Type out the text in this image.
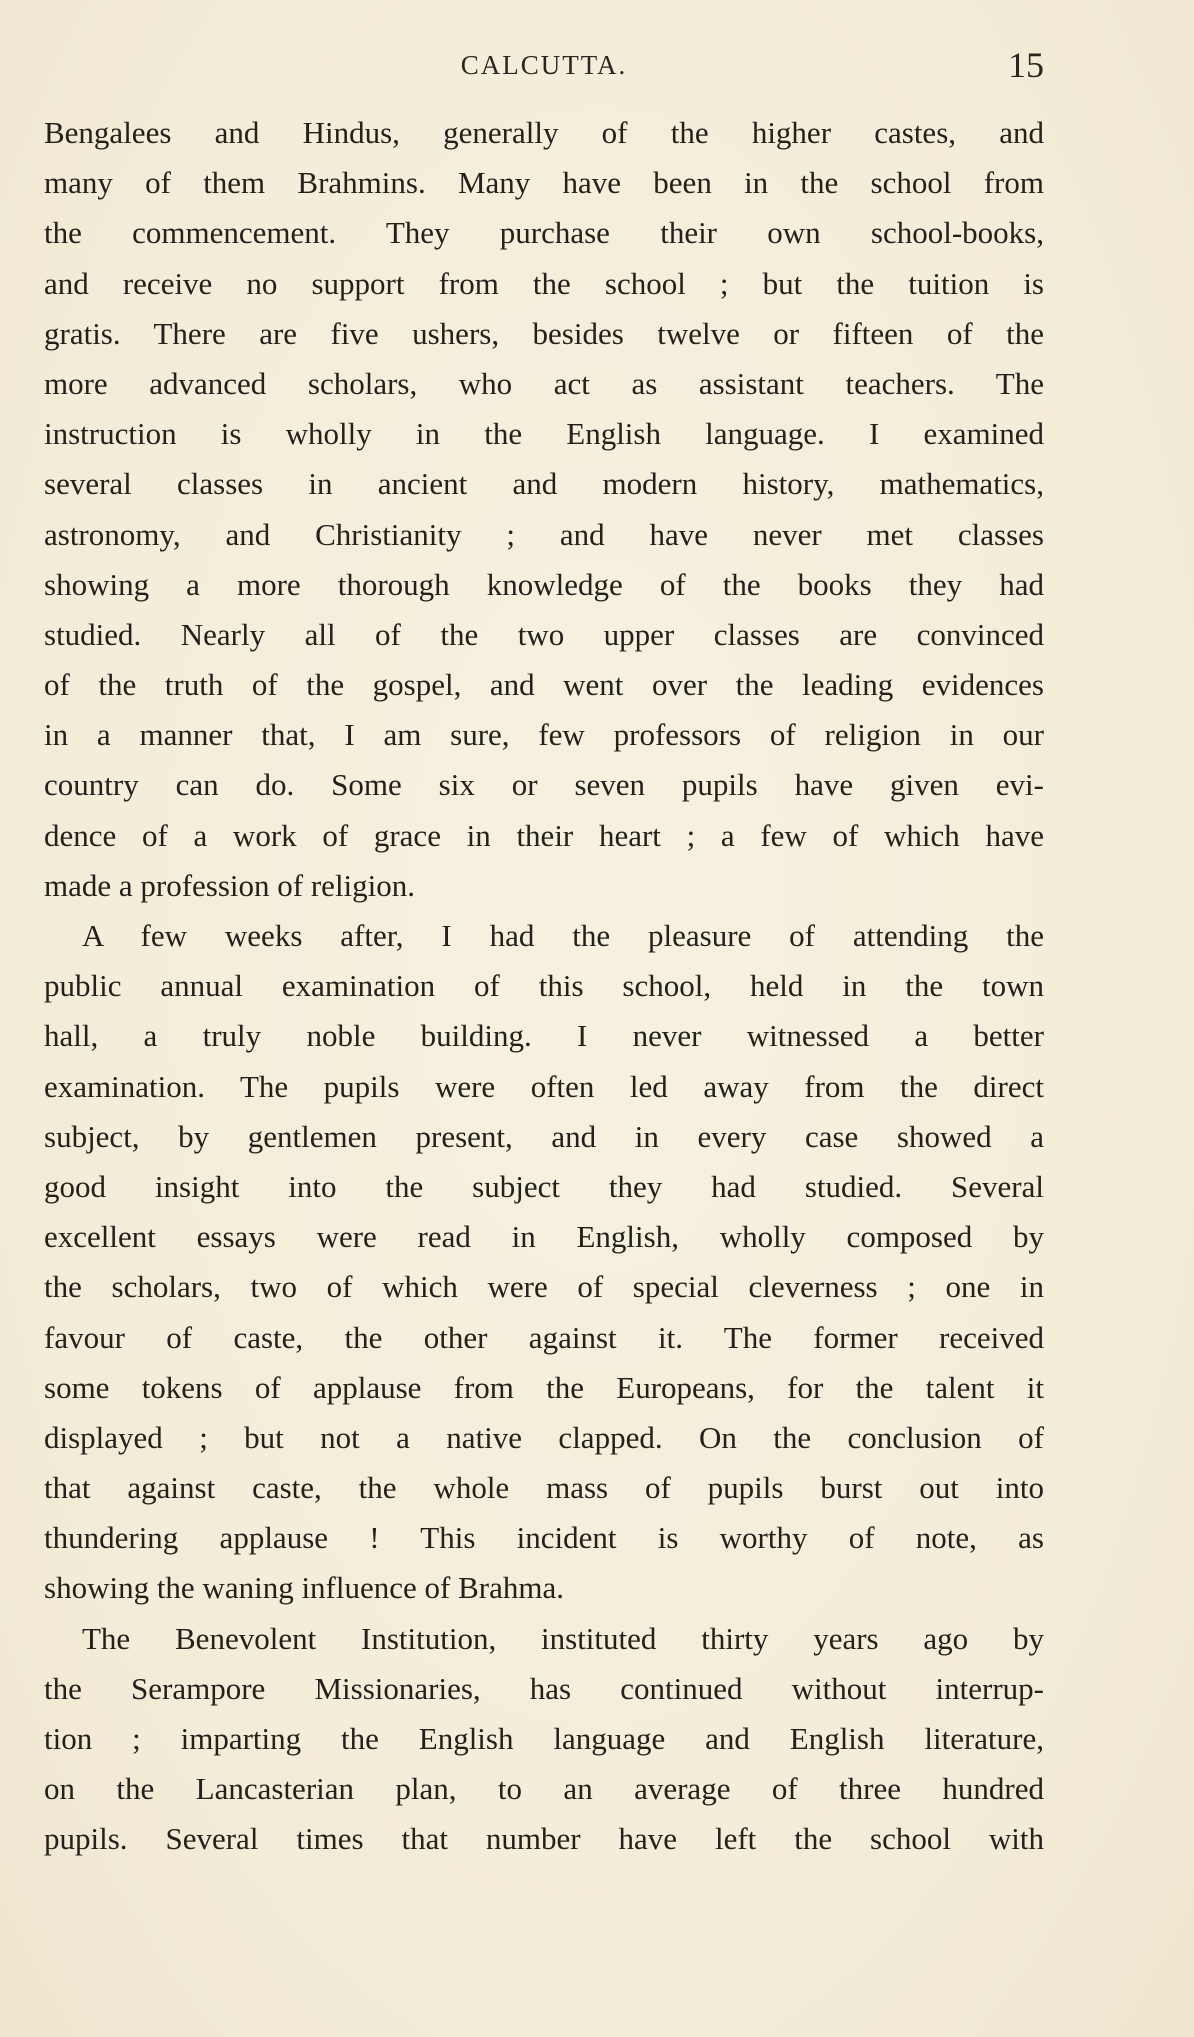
CALCUTTA.	15
Bengalees and Hindus, generally of the higher castes, and
many of them Brahmins. Many have been in the school from
the commencement. They purchase their own school-books,
and receive no support from the school ; but the tuition is
gratis. There are five ushers, besides twelve or fifteen of the
more advanced scholars, who act as assistant teachers. The
instruction is wholly in the English language. I examined
several classes in ancient and modern history, mathematics,
astronomy, and Christianity ; and have never met classes
showing a more thorough knowledge of the books they had
studied. Nearly all of the two upper classes are convinced
of the truth of the gospel, and went over the leading evidences
in a manner that, I am sure, few professors of religion in our
country can do. Some six or seven pupils have given evi-
dence of a work of grace in their heart ; a few of which have
made a profession of religion.
A few weeks after, I had the pleasure of attending the
public annual examination of this school, held in the town
hall, a truly noble building. I never witnessed a better
examination. The pupils were often led away from the direct
subject, by gentlemen present, and in every case showed a
good insight into the subject they had studied. Several
excellent essays were read in English, wholly composed by
the scholars, two of which were of special cleverness ; one in
favour of caste, the other against it. The former received
some tokens of applause from the Europeans, for the talent it
displayed ; but not a native clapped. On the conclusion of
that against caste, the whole mass of pupils burst out into
thundering applause ! This incident is worthy of note, as
showing the waning influence of Brahma.
The Benevolent Institution, instituted thirty years ago by
the Serampore Missionaries, has continued without interrup-
tion ; imparting the English language and English literature,
on the Lancasterian plan, to an average of three hundred
pupils. Several times that number have left the school with
